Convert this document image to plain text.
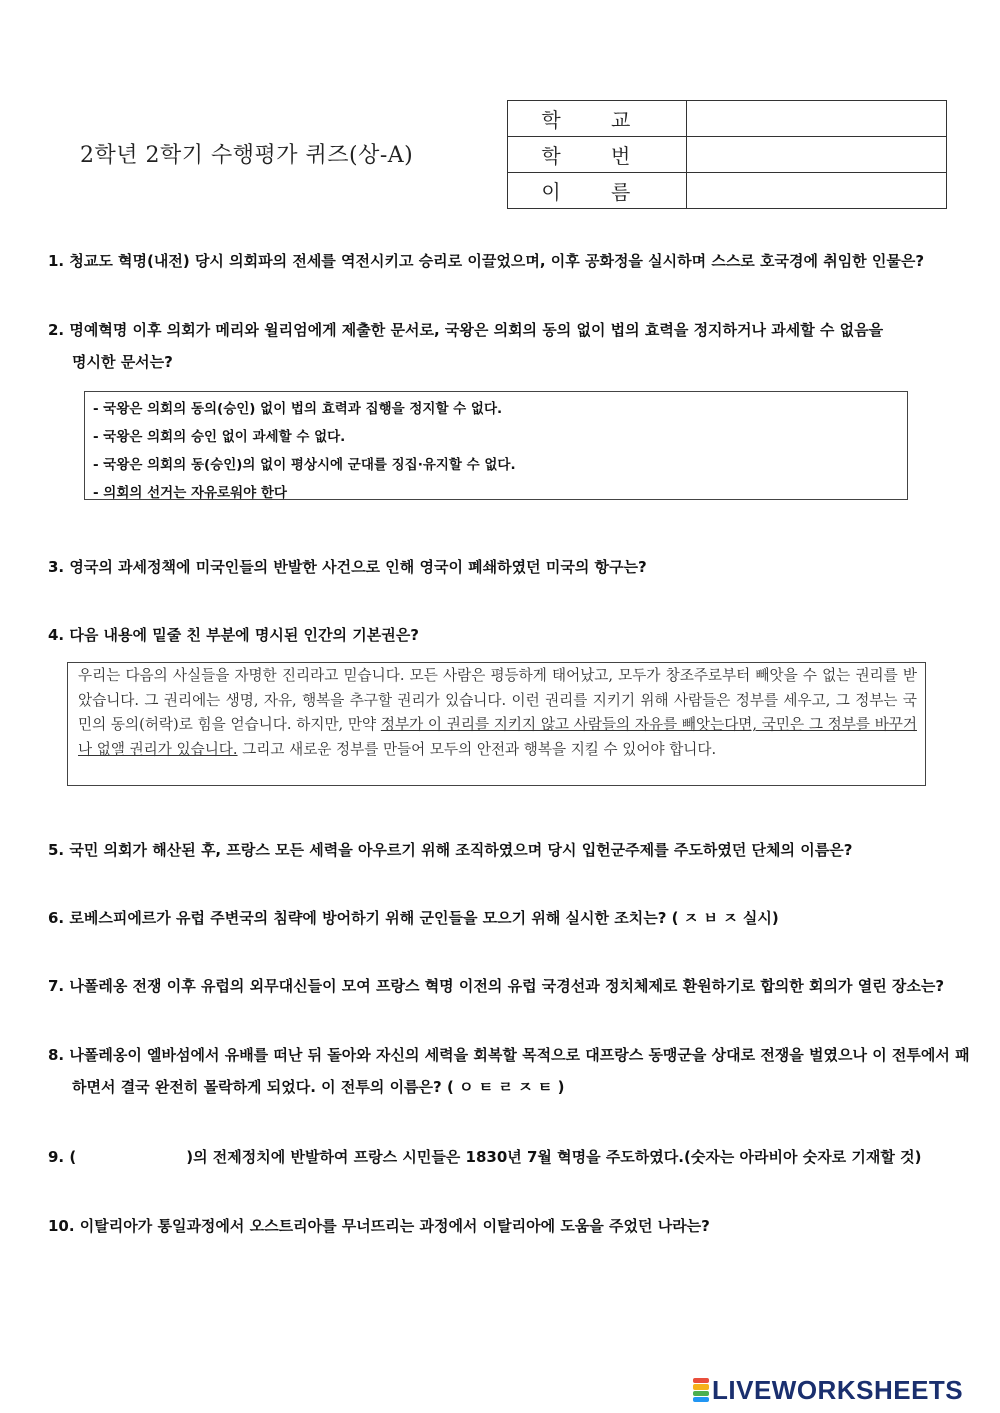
2학년 2학기 수행평가 퀴즈(상-A)
학 교	
학 번	
이 름	
1. 청교도 혁명(내전) 당시 의회파의 전세를 역전시키고 승리로 이끌었으며, 이후 공화정을 실시하며 스스로 호국경에 취임한 인물은?
2. 명예혁명 이후 의회가 메리와 윌리엄에게 제출한 문서로, 국왕은 의회의 동의 없이 법의 효력을 정지하거나 과세할 수 없음을
명시한 문서는?
- 국왕은 의회의 동의(승인) 없이 법의 효력과 집행을 정지할 수 없다.
- 국왕은 의회의 승인 없이 과세할 수 없다.
- 국왕은 의회의 동(승인)의 없이 평상시에 군대를 징집·유지할 수 없다.
- 의회의 선거는 자유로워야 한다
3. 영국의 과세정책에 미국인들의 반발한 사건으로 인해 영국이 폐쇄하였던 미국의 항구는?
4. 다음 내용에 밑줄 친 부분에 명시된 인간의 기본권은?
우리는 다음의 사실들을 자명한 진리라고 믿습니다. 모든 사람은 평등하게 태어났고, 모두가 창조주로부터 빼앗을 수 없는 권리를 받았습니다. 그 권리에는 생명, 자유, 행복을 추구할 권리가 있습니다. 이런 권리를 지키기 위해 사람들은 정부를 세우고, 그 정부는 국민의 동의(허락)로 힘을 얻습니다. 하지만, 만약 정부가 이 권리를 지키지 않고 사람들의 자유를 빼앗는다면, 국민은 그 정부를 바꾸거나 없앨 권리가 있습니다. 그리고 새로운 정부를 만들어 모두의 안전과 행복을 지킬 수 있어야 합니다.
5. 국민 의회가 해산된 후, 프랑스 모든 세력을 아우르기 위해 조직하였으며 당시 입헌군주제를 주도하였던 단체의 이름은?
6. 로베스피에르가 유럽 주변국의 침략에 방어하기 위해 군인들을 모으기 위해 실시한 조치는? ( ㅈ ㅂ ㅈ 실시)
7. 나폴레옹 전쟁 이후 유럽의 외무대신들이 모여 프랑스 혁명 이전의 유럽 국경선과 정치체제로 환원하기로 합의한 회의가 열린 장소는?
8. 나폴레옹이 엘바섬에서 유배를 떠난 뒤 돌아와 자신의 세력을 회복할 목적으로 대프랑스 동맹군을 상대로 전쟁을 벌였으나 이 전투에서 패
하면서 결국 완전히 몰락하게 되었다. 이 전투의 이름은? ( ㅇ ㅌ ㄹ ㅈ ㅌ )
9. (	)의 전제정치에 반발하여 프랑스 시민들은 1830년 7월 혁명을 주도하였다.(숫자는 아라비아 숫자로 기재할 것)
10. 이탈리아가 통일과정에서 오스트리아를 무너뜨리는 과정에서 이탈리아에 도움을 주었던 나라는?
LIVEWORKSHEETS
